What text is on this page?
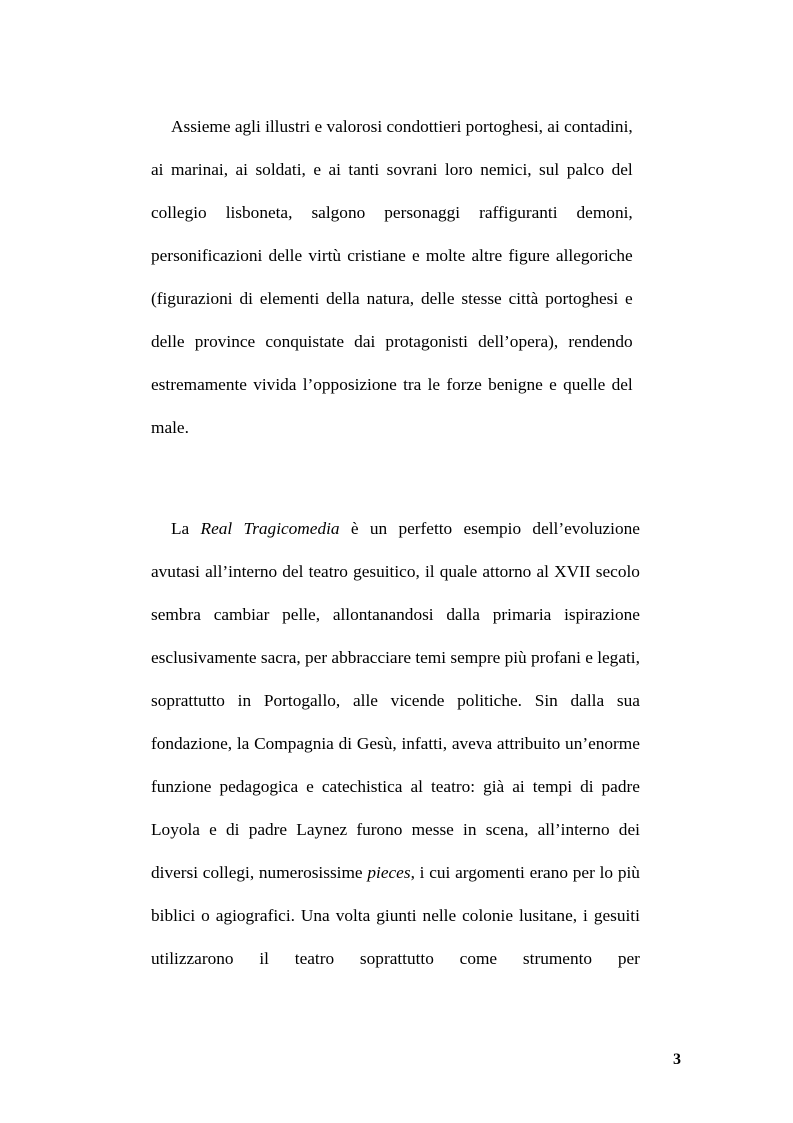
Assieme agli illustri e valorosi condottieri portoghesi, ai contadini,
ai marinai, ai soldati, e ai tanti sovrani loro nemici, sul palco del
collegio lisboneta, salgono personaggi raffiguranti demoni,
personificazioni delle virtù cristiane e molte altre figure allegoriche
(figurazioni di elementi della natura, delle stesse città portoghesi e
delle province conquistate dai protagonisti dell’opera), rendendo
estremamente vivida l’opposizione tra le forze benigne e quelle del
male.

La Real Tragicomedia è un perfetto esempio dell’evoluzione
avutasi all’interno del teatro gesuitico, il quale attorno al XVII secolo
sembra cambiar pelle, allontanandosi dalla primaria ispirazione
esclusivamente sacra, per abbracciare temi sempre più profani e legati,
soprattutto in Portogallo, alle vicende politiche. Sin dalla sua
fondazione, la Compagnia di Gesù, infatti, aveva attribuito un’enorme
funzione pedagogica e catechistica al teatro: già ai tempi di padre
Loyola e di padre Laynez furono messe in scena, all’interno dei
diversi collegi, numerosissime pieces, i cui argomenti erano per lo più
biblici o agiografici. Una volta giunti nelle colonie lusitane, i gesuiti
utilizzarono il teatro soprattutto come strumento per

3
